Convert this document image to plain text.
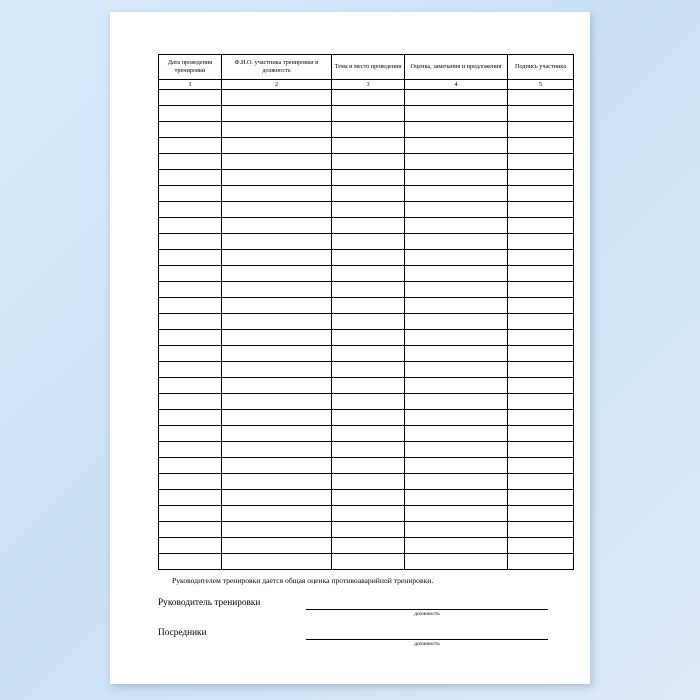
Дата проведения тренировки	Ф.И.О. участника тренировки и должность	Тема и место проведения	Оценка, замечания и предложения	Подпись участника
1	2	3	4	5

Руководителем тренировки дается общая оценка противоаварийной тренировки.
Руководитель тренировки
должность
Посредники
должность
